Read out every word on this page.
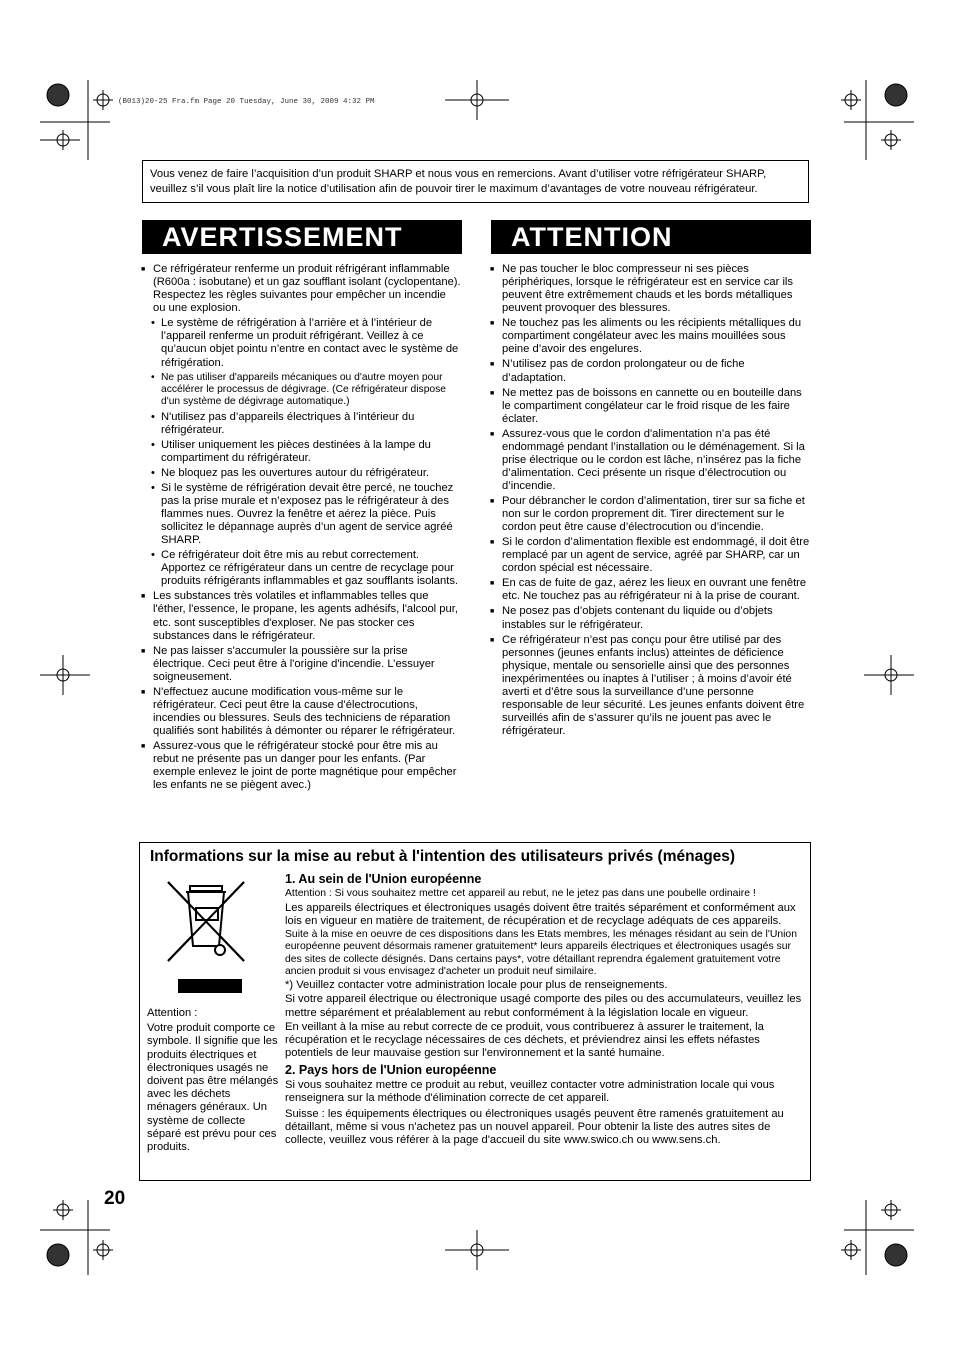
(B013)20-25 Fra.fm Page 20 Tuesday, June 30, 2009 4:32 PM
Vous venez de faire l’acquisition d’un produit SHARP et nous vous en remercions. Avant d’utiliser votre réfrigérateur SHARP, veuillez s’il vous plaît lire la notice d’utilisation afin de pouvoir tirer le maximum d’avantages de votre nouveau réfrigérateur.
AVERTISSEMENT	ATTENTION
■ Ce réfrigérateur renferme un produit réfrigérant inflammable (R600a : isobutane) et un gaz soufflant isolant (cyclopentane). Respectez les règles suivantes pour empêcher un incendie ou une explosion.
• Le système de réfrigération à l’arrière et à l’intérieur de l’appareil renferme un produit réfrigérant. Veillez à ce qu’aucun objet pointu n’entre en contact avec le système de réfrigération.
• Ne pas utiliser d'appareils mécaniques ou d'autre moyen pour accélérer le processus de dégivrage. (Ce réfrigérateur dispose d'un système de dégivrage automatique.)
• N'utilisez pas d’appareils électriques à l’intérieur du réfrigérateur.
• Utiliser uniquement les pièces destinées à la lampe du compartiment du réfrigérateur.
• Ne bloquez pas les ouvertures autour du réfrigérateur.
• Si le système de réfrigération devait être percé, ne touchez pas la prise murale et n’exposez pas le réfrigérateur à des flammes nues. Ouvrez la fenêtre et aérez la pièce. Puis sollicitez le dépannage auprès d’un agent de service agréé SHARP.
• Ce réfrigérateur doit être mis au rebut correctement. Apportez ce réfrigérateur dans un centre de recyclage pour produits réfrigérants inflammables et gaz soufflants isolants.
■ Les substances très volatiles et inflammables telles que l'éther, l'essence, le propane, les agents adhésifs, l'alcool pur, etc. sont susceptibles d'exploser. Ne pas stocker ces substances dans le réfrigérateur.
■ Ne pas laisser s'accumuler la poussière sur la prise électrique. Ceci peut être à l'origine d'incendie. L’essuyer soigneusement.
■ N'effectuez aucune modification vous-même sur le réfrigérateur. Ceci peut être la cause d’électrocutions, incendies ou blessures. Seuls des techniciens de réparation qualifiés sont habilités à démonter ou réparer le réfrigérateur.
■ Assurez-vous que le réfrigérateur stocké pour être mis au rebut ne présente pas un danger pour les enfants. (Par exemple enlevez le joint de porte magnétique pour empêcher les enfants ne se piègent avec.)
■ Ne pas toucher le bloc compresseur ni ses pièces périphériques, lorsque le réfrigérateur est en service car ils peuvent être extrêmement chauds et les bords métalliques peuvent provoquer des blessures.
■ Ne touchez pas les aliments ou les récipients métalliques du compartiment congélateur avec les mains mouillées sous peine d’avoir des engelures.
■ N’utilisez pas de cordon prolongateur ou de fiche d’adaptation.
■ Ne mettez pas de boissons en cannette ou en bouteille dans le compartiment congélateur car le froid risque de les faire éclater.
■ Assurez-vous que le cordon d'alimentation n’a pas été endommagé pendant l’installation ou le déménagement. Si la prise électrique ou le cordon est lâche, n’insérez pas la fiche d’alimentation. Ceci présente un risque d’électrocution ou d’incendie.
■ Pour débrancher le cordon d’alimentation, tirer sur sa fiche et non sur le cordon proprement dit. Tirer directement sur le cordon peut être cause d’électrocution ou d’incendie.
■ Si le cordon d’alimentation flexible est endommagé, il doit être remplacé par un agent de service, agréé par SHARP, car un cordon spécial est nécessaire.
■ En cas de fuite de gaz, aérez les lieux en ouvrant une fenêtre etc. Ne touchez pas au réfrigérateur ni à la prise de courant.
■ Ne posez pas d’objets contenant du liquide ou d’objets instables sur le réfrigérateur.
■ Ce réfrigérateur n’est pas conçu pour être utilisé par des personnes (jeunes enfants inclus) atteintes de déficience physique, mentale ou sensorielle ainsi que des personnes inexpérimentées ou inaptes à l’utiliser ; à moins d’avoir été averti et d’être sous la surveillance d’une personne responsable de leur sécurité. Les jeunes enfants doivent être surveillés afin de s’assurer qu’ils ne jouent pas avec le réfrigérateur.
Informations sur la mise au rebut à l'intention des utilisateurs privés (ménages)

Attention :

Votre produit comporte ce symbole. Il signifie que les produits électriques et électroniques usagés ne doivent pas être mélangés avec les déchets ménagers généraux. Un système de collecte séparé est prévu pour ces produits.

1. Au sein de l'Union européenne

Attention : Si vous souhaitez mettre cet appareil au rebut, ne le jetez pas dans une poubelle ordinaire !

Les appareils électriques et électroniques usagés doivent être traités séparément et conformément aux lois en vigueur en matière de traitement, de récupération et de recyclage adéquats de ces appareils.

Suite à la mise en oeuvre de ces dispositions dans les Etats membres, les ménages résidant au sein de l'Union européenne peuvent désormais ramener gratuitement* leurs appareils électriques et électroniques usagés sur des sites de collecte désignés. Dans certains pays*, votre détaillant reprendra également gratuitement votre ancien produit si vous envisagez d'acheter un produit neuf similaire.

*) Veuillez contacter votre administration locale pour plus de renseignements.

Si votre appareil électrique ou électronique usagé comporte des piles ou des accumulateurs, veuillez les mettre séparément et préalablement au rebut conformément à la législation locale en vigueur.

En veillant à la mise au rebut correcte de ce produit, vous contribuerez à assurer le traitement, la récupération et le recyclage nécessaires de ces déchets, et préviendrez ainsi les effets néfastes potentiels de leur mauvaise gestion sur l'environnement et la santé humaine.

2. Pays hors de l'Union européenne

Si vous souhaitez mettre ce produit au rebut, veuillez contacter votre administration locale qui vous renseignera sur la méthode d'élimination correcte de cet appareil.

Suisse : les équipements électriques ou électroniques usagés peuvent être ramenés gratuitement au détaillant, même si vous n'achetez pas un nouvel appareil. Pour obtenir la liste des autres sites de collecte, veuillez vous référer à la page d'accueil du site www.swico.ch ou www.sens.ch.

20
